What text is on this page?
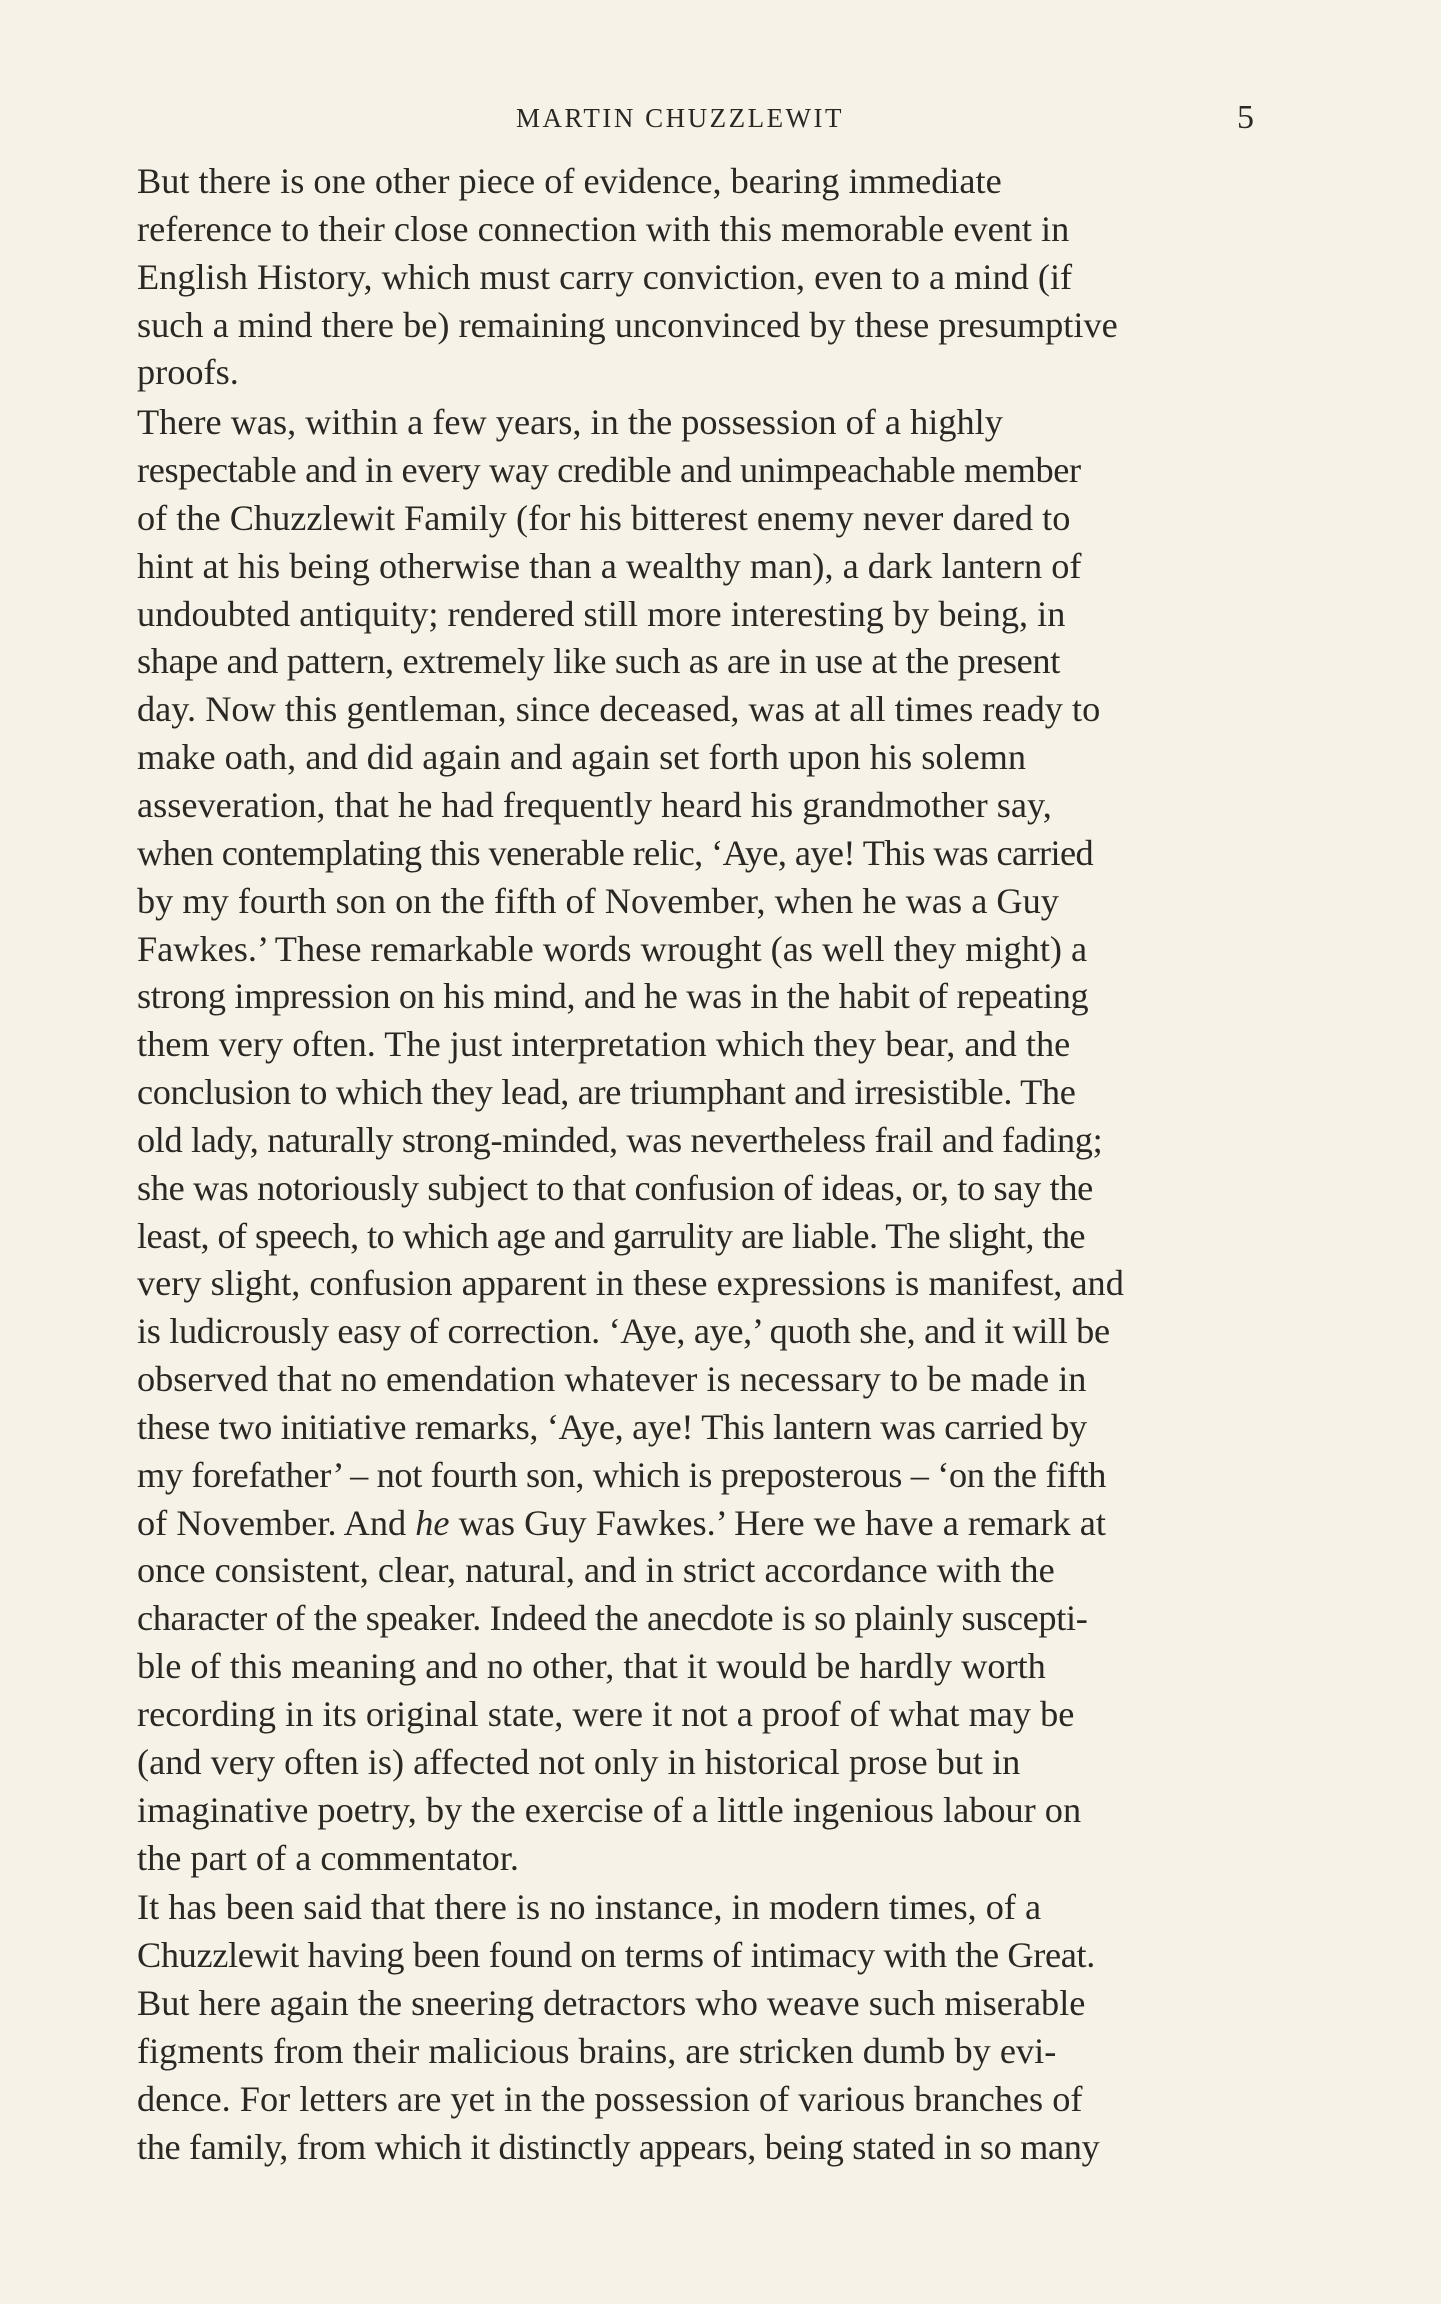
MARTIN CHUZZLEWIT	5

But there is one other piece of evidence, bearing immediate
reference to their close connection with this memorable event in
English History, which must carry conviction, even to a mind (if
such a mind there be) remaining unconvinced by these presumptive
proofs.

There was, within a few years, in the possession of a highly
respectable and in every way credible and unimpeachable member
of the Chuzzlewit Family (for his bitterest enemy never dared to
hint at his being otherwise than a wealthy man), a dark lantern of
undoubted antiquity; rendered still more interesting by being, in
shape and pattern, extremely like such as are in use at the present
day. Now this gentleman, since deceased, was at all times ready to
make oath, and did again and again set forth upon his solemn
asseveration, that he had frequently heard his grandmother say,
when contemplating this venerable relic, ‘Aye, aye! This was carried
by my fourth son on the fifth of November, when he was a Guy
Fawkes.’ These remarkable words wrought (as well they might) a
strong impression on his mind, and he was in the habit of repeating
them very often. The just interpretation which they bear, and the
conclusion to which they lead, are triumphant and irresistible. The
old lady, naturally strong-minded, was nevertheless frail and fading;
she was notoriously subject to that confusion of ideas, or, to say the
least, of speech, to which age and garrulity are liable. The slight, the
very slight, confusion apparent in these expressions is manifest, and
is ludicrously easy of correction. ‘Aye, aye,’ quoth she, and it will be
observed that no emendation whatever is necessary to be made in
these two initiative remarks, ‘Aye, aye! This lantern was carried by
my forefather’ – not fourth son, which is preposterous – ‘on the fifth
of November. And he was Guy Fawkes.’ Here we have a remark at
once consistent, clear, natural, and in strict accordance with the
character of the speaker. Indeed the anecdote is so plainly suscepti-
ble of this meaning and no other, that it would be hardly worth
recording in its original state, were it not a proof of what may be
(and very often is) affected not only in historical prose but in
imaginative poetry, by the exercise of a little ingenious labour on
the part of a commentator.

It has been said that there is no instance, in modern times, of a
Chuzzlewit having been found on terms of intimacy with the Great.
But here again the sneering detractors who weave such miserable
figments from their malicious brains, are stricken dumb by evi-
dence. For letters are yet in the possession of various branches of
the family, from which it distinctly appears, being stated in so many
